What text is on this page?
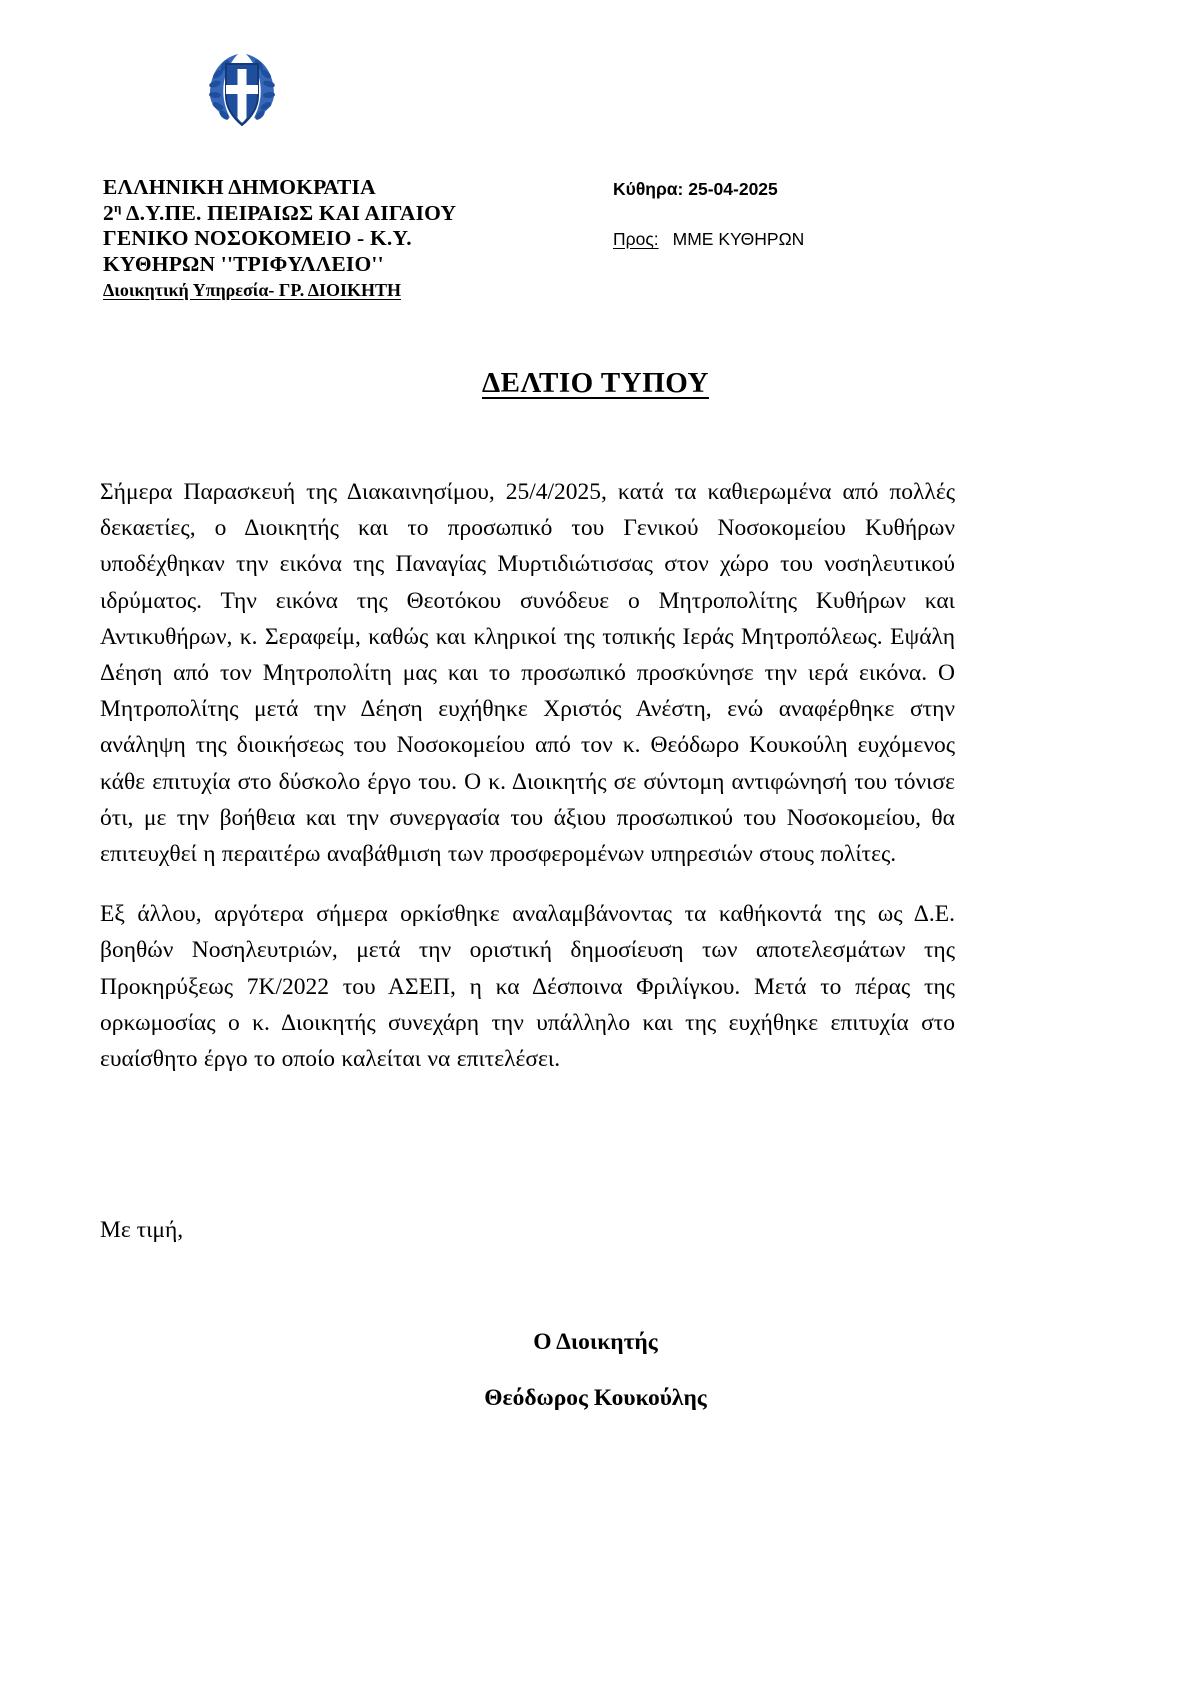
ΕΛΛΗΝΙΚΗ ΔΗΜΟΚΡΑΤΙΑ
$2^\eta$ Δ.Υ.ΠΕ. ΠΕΙΡΑΙΩΣ ΚΑΙ ΑΙΓΑΙΟΥ
ΓΕΝΙΚΟ ΝΟΣΟΚΟΜΕΙΟ - Κ.Υ.
ΚΥΘΗΡΩΝ ''ΤΡΙΦΥΛΛΕΙΟ''
Διοικητική Υπηρεσία- ΓΡ. ΔΙΟΙΚΗΤΗ
Κύθηρα: 25-04-2025
Προς: ΜΜΕ ΚΥΘΗΡΩΝ
ΔΕΛΤΙΟ ΤΥΠΟΥ

Σήμερα Παρασκευή της Διακαινησίμου, 25/4/2025, κατά τα καθιερωμένα από πολλές δεκαετίες, ο Διοικητής και το προσωπικό του Γενικού Νοσοκομείου Κυθήρων υποδέχθηκαν την εικόνα της Παναγίας Μυρτιδιώτισσας στον χώρο του νοσηλευτικού ιδρύματος. Την εικόνα της Θεοτόκου συνόδευε ο Μητροπολίτης Κυθήρων και Αντικυθήρων, κ. Σεραφείμ, καθώς και κληρικοί της τοπικής Ιεράς Μητροπόλεως. Εψάλη Δέηση από τον Μητροπολίτη μας και το προσωπικό προσκύνησε την ιερά εικόνα. Ο Μητροπολίτης μετά την Δέηση ευχήθηκε Χριστός Ανέστη, ενώ αναφέρθηκε στην ανάληψη της διοικήσεως του Νοσοκομείου από τον κ. Θεόδωρο Κουκούλη ευχόμενος κάθε επιτυχία στο δύσκολο έργο του. Ο κ. Διοικητής σε σύντομη αντιφώνησή του τόνισε ότι, με την βοήθεια και την συνεργασία του άξιου προσωπικού του Νοσοκομείου, θα επιτευχθεί η περαιτέρω αναβάθμιση των προσφερομένων υπηρεσιών στους πολίτες.

Εξ άλλου, αργότερα σήμερα ορκίσθηκε αναλαμβάνοντας τα καθήκοντά της ως Δ.Ε. βοηθών Νοσηλευτριών, μετά την οριστική δημοσίευση των αποτελεσμάτων της Προκηρύξεως 7Κ/2022 του ΑΣΕΠ, η κα Δέσποινα Φριλίγκου. Μετά το πέρας της ορκωμοσίας ο κ. Διοικητής συνεχάρη την υπάλληλο και της ευχήθηκε επιτυχία στο ευαίσθητο έργο το οποίο καλείται να επιτελέσει.

Με τιμή,
Ο Διοικητής
Θεόδωρος Κουκούλης
